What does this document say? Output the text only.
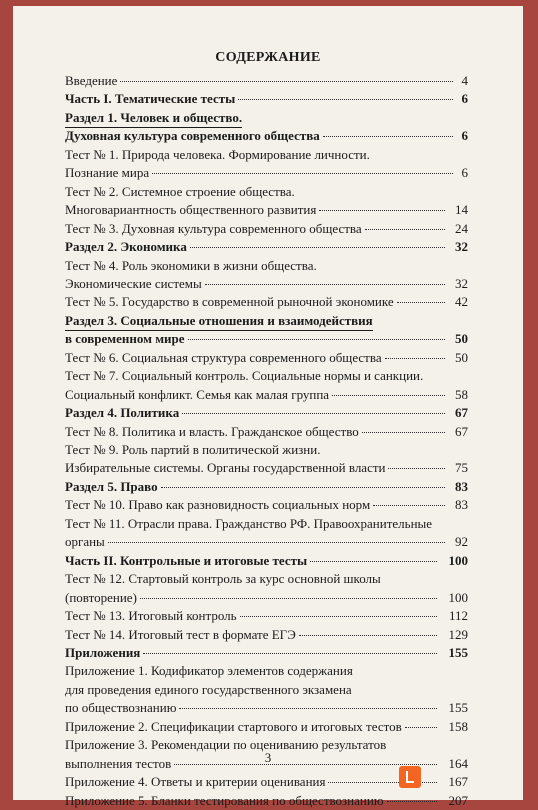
СОДЕРЖАНИЕ
Введение	4
Часть I. Тематические тесты	6
Раздел 1. Человек и общество.
Духовная культура современного общества	6
Тест № 1. Природа человека. Формирование личности.
Познание мира	6
Тест № 2. Системное строение общества.
Многовариантность общественного развития	14
Тест № 3. Духовная культура современного общества	24
Раздел 2. Экономика	32
Тест № 4. Роль экономики в жизни общества.
Экономические системы	32
Тест № 5. Государство в современной рыночной экономике	42
Раздел 3. Социальные отношения и взаимодействия
в современном мире	50
Тест № 6. Социальная структура современного общества	50
Тест № 7. Социальный контроль. Социальные нормы и санкции.
Социальный конфликт. Семья как малая группа	58
Раздел 4. Политика	67
Тест № 8. Политика и власть. Гражданское общество	67
Тест № 9. Роль партий в политической жизни.
Избирательные системы. Органы государственной власти	75
Раздел 5. Право	83
Тест № 10. Право как разновидность социальных норм	83
Тест № 11. Отрасли права. Гражданство РФ. Правоохранительные
органы	92
Часть II. Контрольные и итоговые тесты	100
Тест № 12. Стартовый контроль за курс основной школы
(повторение)	100
Тест № 13. Итоговый контроль	112
Тест № 14. Итоговый тест в формате ЕГЭ	129
Приложения	155
Приложение 1. Кодификатор элементов содержания
для проведения единого государственного экзамена
по обществознанию	155
Приложение 2. Спецификации стартового и итоговых тестов	158
Приложение 3. Рекомендации по оцениванию результатов
выполнения тестов	164
Приложение 4. Ответы и критерии оценивания	167
Приложение 5. Бланки тестирования по обществознанию	207
3
